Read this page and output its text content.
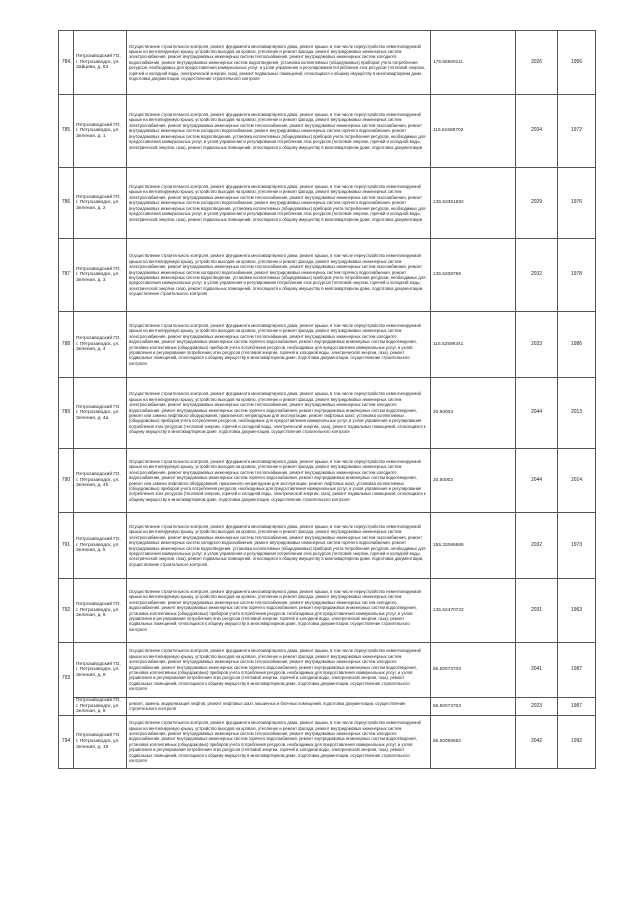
784	Петрозаводский ГО, г. Петрозаводск, ул. Зайцева, д. 53	Осуществление строительного контроля, ремонт фундамента многоквартирного дома, ремонт крыши, в том числе переустройство невентилируемой крыши на вентилируемую крышу, устройство выходов на кровлю, утепление и ремонт фасада, ремонт внутридомовых инженерных систем электроснабжения, ремонт внутридомовых инженерных систем теплоснабжения, ремонт внутридомовых инженерных систем холодного водоснабжения, ремонт внутридомовых инженерных систем водоотведения, установка коллективных (общедомовых) приборов учета потребления ресурсов, необходимых для предоставления коммунальных услуг, и узлов управления и регулирования потребления этих ресурсов (тепловой энергии, горячей и холодной воды, электрической энергии, газа), ремонт подвальных помещений, относящихся к общему имуществу в многоквартирном доме, подготовка документации, осуществление строительного контроля	175.55500111	2026	1956
785	Петрозаводский ГО, г. Петрозаводск, ул. Зеленая, д. 1	Осуществление строительного контроля, ремонт фундамента многоквартирного дома, ремонт крыши, в том числе переустройство невентилируемой крыши на вентилируемую крышу, устройство выходов на кровлю, утепление и ремонт фасада, ремонт внутридомовых инженерных систем электроснабжения, ремонт внутридомовых инженерных систем теплоснабжения, ремонт внутридомовых инженерных систем газоснабжения, ремонт внутридомовых инженерных систем холодного водоснабжения, ремонт внутридомовых инженерных систем горячего водоснабжения, ремонт внутридомовых инженерных систем водоотведения, установка коллективных (общедомовых) приборов учета потребления ресурсов, необходимых для предоставления коммунальных услуг, и узлов управления и регулирования потребления этих ресурсов (тепловой энергии, горячей и холодной воды, электрической энергии, газа), ремонт подвальных помещений, относящихся к общему имуществу в многоквартирном доме, подготовка документации	115.51688702	2034	1972
786	Петрозаводский ГО, г. Петрозаводск, ул. Зеленая, д. 2	Осуществление строительного контроля, ремонт фундамента многоквартирного дома, ремонт крыши, в том числе переустройство невентилируемой крыши на вентилируемую крышу, устройство выходов на кровлю, утепление и ремонт фасада, ремонт внутридомовых инженерных систем электроснабжения, ремонт внутридомовых инженерных систем теплоснабжения, ремонт внутридомовых инженерных систем газоснабжения, ремонт внутридомовых инженерных систем холодного водоснабжения, ремонт внутридомовых инженерных систем горячего водоснабжения, ремонт внутридомовых инженерных систем водоотведения, установка коллективных (общедомовых) приборов учета потребления ресурсов, необходимых для предоставления коммунальных услуг, и узлов управления и регулирования потребления этих ресурсов (тепловой энергии, горячей и холодной воды, электрической энергии, газа), ремонт подвальных помещений, относящихся к общему имуществу в многоквартирном доме, подготовка документации	135.53351592	2029	1976
787	Петрозаводский ГО, г. Петрозаводск, ул. Зеленая, д. 3	Осуществление строительного контроля, ремонт фундамента многоквартирного дома, ремонт крыши, в том числе переустройство невентилируемой крыши на вентилируемую крышу, устройство выходов на кровлю, утепление и ремонт фасада, ремонт внутридомовых инженерных систем электроснабжения, ремонт внутридомовых инженерных систем теплоснабжения, ремонт внутридомовых инженерных систем газоснабжения, ремонт внутридомовых инженерных систем холодного водоснабжения, ремонт внутридомовых инженерных систем горячего водоснабжения, ремонт внутридомовых инженерных систем водоотведения, установка коллективных (общедомовых) приборов учета потребления ресурсов, необходимых для предоставления коммунальных услуг, и узлов управления и регулирования потребления этих ресурсов (тепловой энергии, горячей и холодной воды, электрической энергии, газа), ремонт подвальных помещений, относящихся к общему имуществу в многоквартирном доме, подготовка документации, осуществление строительного контроля	135.5208766	2032	1978
788	Петрозаводский ГО, г. Петрозаводск, ул. Зеленая, д. 4	Осуществление строительного контроля, ремонт фундамента многоквартирного дома, ремонт крыши, в том числе переустройство невентилируемой крыши на вентилируемую крышу, устройство выходов на кровлю, утепление и ремонт фасада, ремонт внутридомовых инженерных систем электроснабжения, ремонт внутридомовых инженерных систем теплоснабжения, ремонт внутридомовых инженерных систем холодного водоснабжения, ремонт внутридомовых инженерных систем горячего водоснабжения, ремонт внутридомовых инженерных систем водоотведения, установка коллективных (общедомовых) приборов учета потребления ресурсов, необходимых для предоставления коммунальных услуг, и узлов управления и регулирования потребления этих ресурсов (тепловой энергии, горячей и холодной воды, электрической энергии, газа), ремонт подвальных помещений, относящихся к общему имуществу в многоквартирном доме, подготовка документации, осуществление строительного контроля	115.52599341	2033	1986
789	Петрозаводский ГО, г. Петрозаводск, ул. Зеленая, д. 4а	Осуществление строительного контроля, ремонт фундамента многоквартирного дома, ремонт крыши, в том числе переустройство невентилируемой крыши на вентилируемую крышу, устройство выходов на кровлю, утепление и ремонт фасада, ремонт внутридомовых инженерных систем электроснабжения, ремонт внутридомовых инженерных систем теплоснабжения, ремонт внутридомовых инженерных систем холодного водоснабжения, ремонт внутридомовых инженерных систем горячего водоснабжения, ремонт внутридомовых инженерных систем водоотведения, ремонт или замена лифтового оборудования, признанного непригодным для эксплуатации, ремонт лифтовых шахт, установка коллективных (общедомовых) приборов учета потребления ресурсов, необходимых для предоставления коммунальных услуг, и узлов управления и регулирования потребления этих ресурсов (тепловой энергии, горячей и холодной воды, электрической энергии, газа), ремонт подвальных помещений, относящихся к общему имуществу в многоквартирном доме, подготовка документации, осуществление строительного контроля	20.50003	2044	2013
790	Петрозаводский ГО, г. Петрозаводск, ул. Зеленая, д. 4б	Осуществление строительного контроля, ремонт фундамента многоквартирного дома, ремонт крыши, в том числе переустройство невентилируемой крыши на вентилируемую крышу, устройство выходов на кровлю, утепление и ремонт фасада, ремонт внутридомовых инженерных систем электроснабжения, ремонт внутридомовых инженерных систем теплоснабжения, ремонт внутридомовых инженерных систем холодного водоснабжения, ремонт внутридомовых инженерных систем горячего водоснабжения, ремонт внутридомовых инженерных систем водоотведения, ремонт или замена лифтового оборудования, признанного непригодным для эксплуатации, ремонт лифтовых шахт, установка коллективных (общедомовых) приборов учета потребления ресурсов, необходимых для предоставления коммунальных услуг, и узлов управления и регулирования потребления этих ресурсов (тепловой энергии, горячей и холодной воды, электрической энергии, газа), ремонт подвальных помещений, относящихся к общему имуществу в многоквартирном доме, подготовка документации, осуществление строительного контроля	20.50002	2044	2014
791	Петрозаводский ГО, г. Петрозаводск, ул. Зеленая, д. 5	Осуществление строительного контроля, ремонт фундамента многоквартирного дома, ремонт крыши, в том числе переустройство невентилируемой крыши на вентилируемую крышу, устройство выходов на кровлю, утепление и ремонт фасада, ремонт внутридомовых инженерных систем электроснабжения, ремонт внутридомовых инженерных систем теплоснабжения, ремонт внутридомовых инженерных систем газоснабжения, ремонт внутридомовых инженерных систем холодного водоснабжения, ремонт внутридомовых инженерных систем горячего водоснабжения, ремонт внутридомовых инженерных систем водоотведения, установка коллективных (общедомовых) приборов учета потребления ресурсов, необходимых для предоставления коммунальных услуг, и узлов управления и регулирования потребления этих ресурсов (тепловой энергии, горячей и холодной воды, электрической энергии, газа), ремонт подвальных помещений, относящихся к общему имуществу в многоквартирном доме, подготовка документации, осуществление строительного контроля	155.32066566	2032	1973
792	Петрозаводский ГО, г. Петрозаводск, ул. Зеленая, д. 6	Осуществление строительного контроля, ремонт фундамента многоквартирного дома, ремонт крыши, в том числе переустройство невентилируемой крыши на вентилируемую крышу, устройство выходов на кровлю, утепление и ремонт фасада, ремонт внутридомовых инженерных систем электроснабжения, ремонт внутридомовых инженерных систем теплоснабжения, ремонт внутридомовых инженерных систем холодного водоснабжения, ремонт внутридомовых инженерных систем горячего водоснабжения, ремонт внутридомовых инженерных систем водоотведения, установка коллективных (общедомовых) приборов учета потребления ресурсов, необходимых для предоставления коммунальных услуг, и узлов управления и регулирования потребления этих ресурсов (тепловой энергии, горячей и холодной воды, электрической энергии, газа), ремонт подвальных помещений, относящихся к общему имуществу в многоквартирном доме, подготовка документации, осуществление строительного контроля	135.52470722	2031	1963
793	Петрозаводский ГО, г. Петрозаводск, ул. Зеленая, д. 8	Осуществление строительного контроля, ремонт фундамента многоквартирного дома, ремонт крыши, в том числе переустройство невентилируемой крыши на вентилируемую крышу, устройство выходов на кровлю, утепление и ремонт фасада, ремонт внутридомовых инженерных систем электроснабжения, ремонт внутридомовых инженерных систем теплоснабжения, ремонт внутридомовых инженерных систем холодного водоснабжения, ремонт внутридомовых инженерных систем горячего водоснабжения, ремонт внутридомовых инженерных систем водоотведения, установка коллективных (общедомовых) приборов учета потребления ресурсов, необходимых для предоставления коммунальных услуг, и узлов управления и регулирования потребления этих ресурсов (тепловой энергии, горячей и холодной воды, электрической энергии, газа), ремонт подвальных помещений, относящихся к общему имуществу в многоквартирном доме, подготовка документации, осуществление строительного контроля	65.50073703	2041	1987
	Петрозаводский ГО, г. Петрозаводск, ул. Зеленая, д. 8	ремонт, замена, модернизация лифтов, ремонт лифтовых шахт, машинных и блочных помещений, подготовка документации, осуществление строительного контроля	65.50073703	2023	1987
794	Петрозаводский ГО, г. Петрозаводск, ул. Зеленая, д. 10	Осуществление строительного контроля, ремонт фундамента многоквартирного дома, ремонт крыши, в том числе переустройство невентилируемой крыши на вентилируемую крышу, устройство выходов на кровлю, утепление и ремонт фасада, ремонт внутридомовых инженерных систем электроснабжения, ремонт внутридомовых инженерных систем теплоснабжения, ремонт внутридомовых инженерных систем холодного водоснабжения, ремонт внутридомовых инженерных систем горячего водоснабжения, ремонт внутридомовых инженерных систем водоотведения, установка коллективных (общедомовых) приборов учета потребления ресурсов, необходимых для предоставления коммунальных услуг, и узлов управления и регулирования потребления этих ресурсов (тепловой энергии, горячей и холодной воды, электрической энергии, газа), ремонт подвальных помещений, относящихся к общему имуществу в многоквартирном доме, подготовка документации, осуществление строительного контроля	65.50068652	2042	1992
